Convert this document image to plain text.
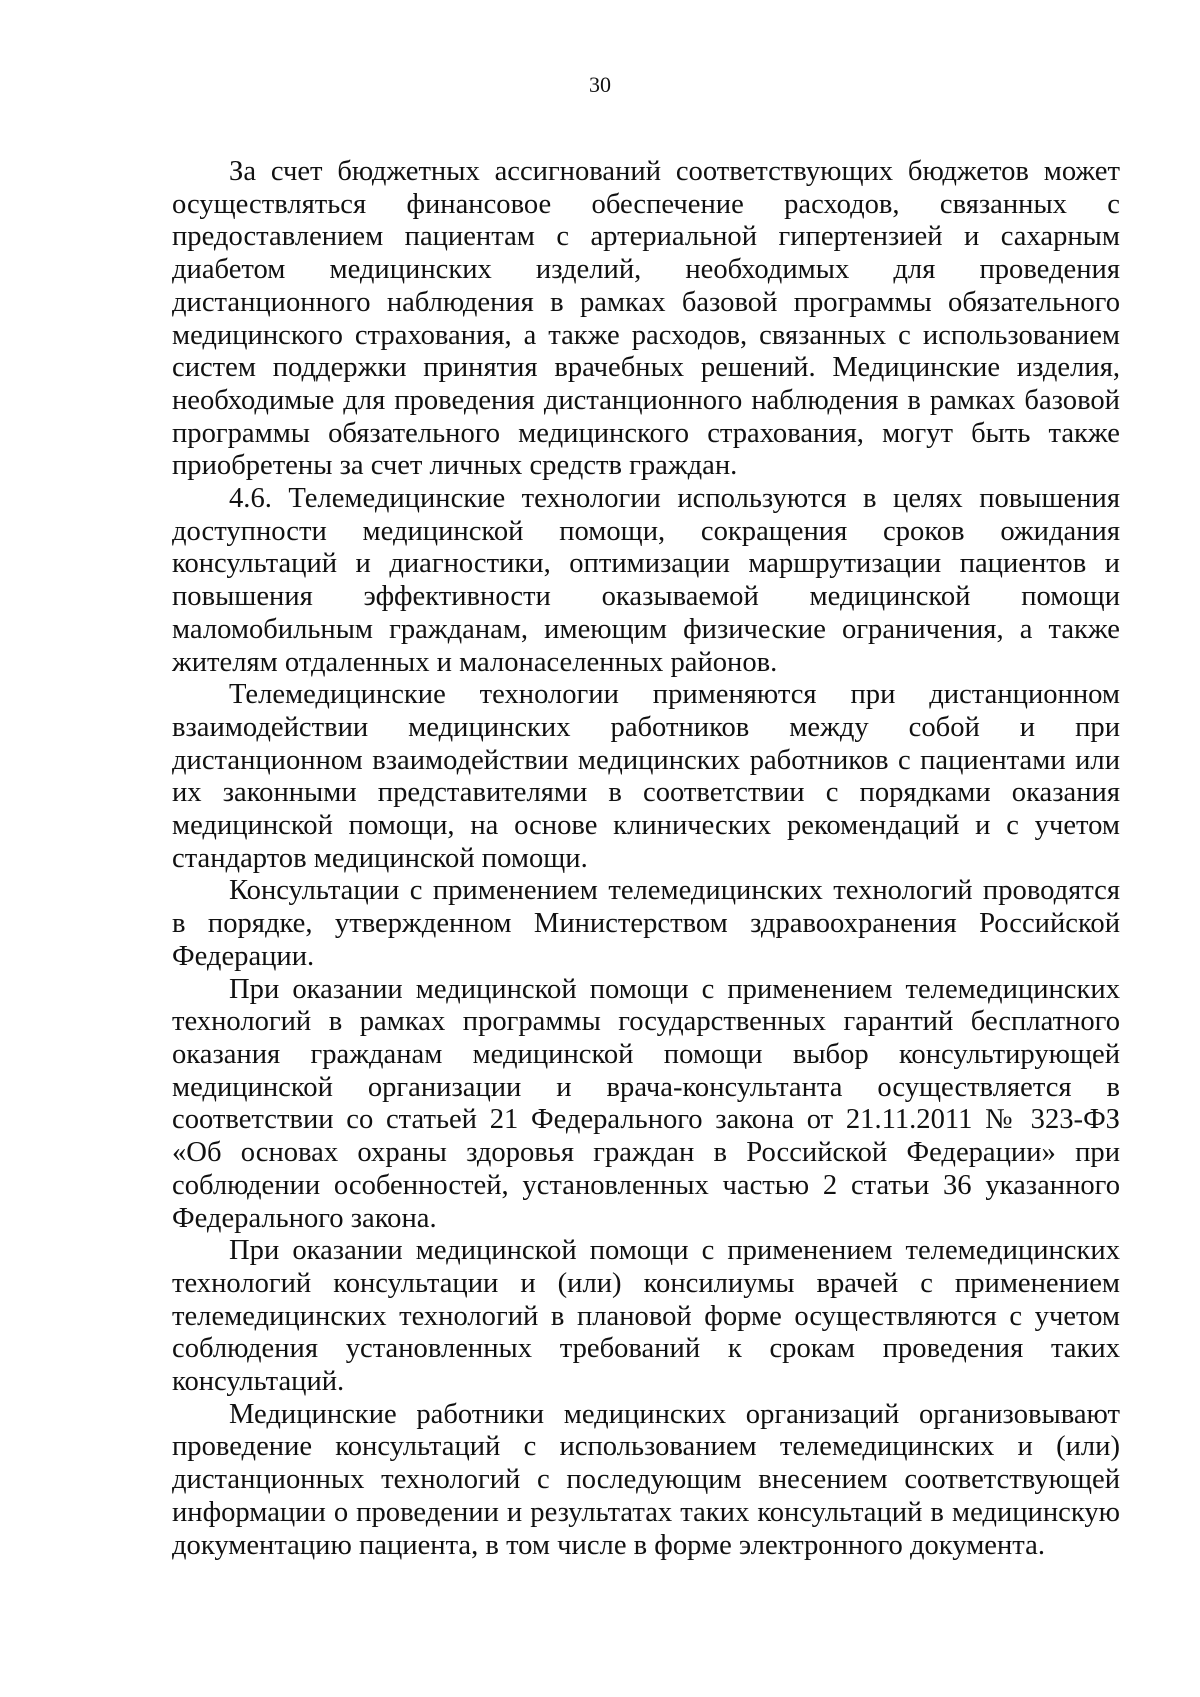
30

За счет бюджетных ассигнований соответствующих бюджетов может осуществляться финансовое обеспечение расходов, связанных с предоставлением пациентам с артериальной гипертензией и сахарным диабетом медицинских изделий, необходимых для проведения дистанционного наблюдения в рамках базовой программы обязательного медицинского страхования, а также расходов, связанных с использованием систем поддержки принятия врачебных решений. Медицинские изделия, необходимые для проведения дистанционного наблюдения в рамках базовой программы обязательного медицинского страхования, могут быть также приобретены за счет личных средств граждан.

4.6. Телемедицинские технологии используются в целях повышения доступности медицинской помощи, сокращения сроков ожидания консультаций и диагностики, оптимизации маршрутизации пациентов и повышения эффективности оказываемой медицинской помощи маломобильным гражданам, имеющим физические ограничения, а также жителям отдаленных и малонаселенных районов.

Телемедицинские технологии применяются при дистанционном взаимодействии медицинских работников между собой и при дистанционном взаимодействии медицинских работников с пациентами или их законными представителями в соответствии с порядками оказания медицинской помощи, на основе клинических рекомендаций и с учетом стандартов медицинской помощи.

Консультации с применением телемедицинских технологий проводятся в порядке, утвержденном Министерством здравоохранения Российской Федерации.

При оказании медицинской помощи с применением телемедицинских технологий в рамках программы государственных гарантий бесплатного оказания гражданам медицинской помощи выбор консультирующей медицинской организации и врача-консультанта осуществляется в соответствии со статьей 21 Федерального закона от 21.11.2011 № 323-ФЗ «Об основах охраны здоровья граждан в Российской Федерации» при соблюдении особенностей, установленных частью 2 статьи 36 указанного Федерального закона.

При оказании медицинской помощи с применением телемедицинских технологий консультации и (или) консилиумы врачей с применением телемедицинских технологий в плановой форме осуществляются с учетом соблюдения установленных требований к срокам проведения таких консультаций.

Медицинские работники медицинских организаций организовывают проведение консультаций с использованием телемедицинских и (или) дистанционных технологий с последующим внесением соответствующей информации о проведении и результатах таких консультаций в медицинскую документацию пациента, в том числе в форме электронного документа.
